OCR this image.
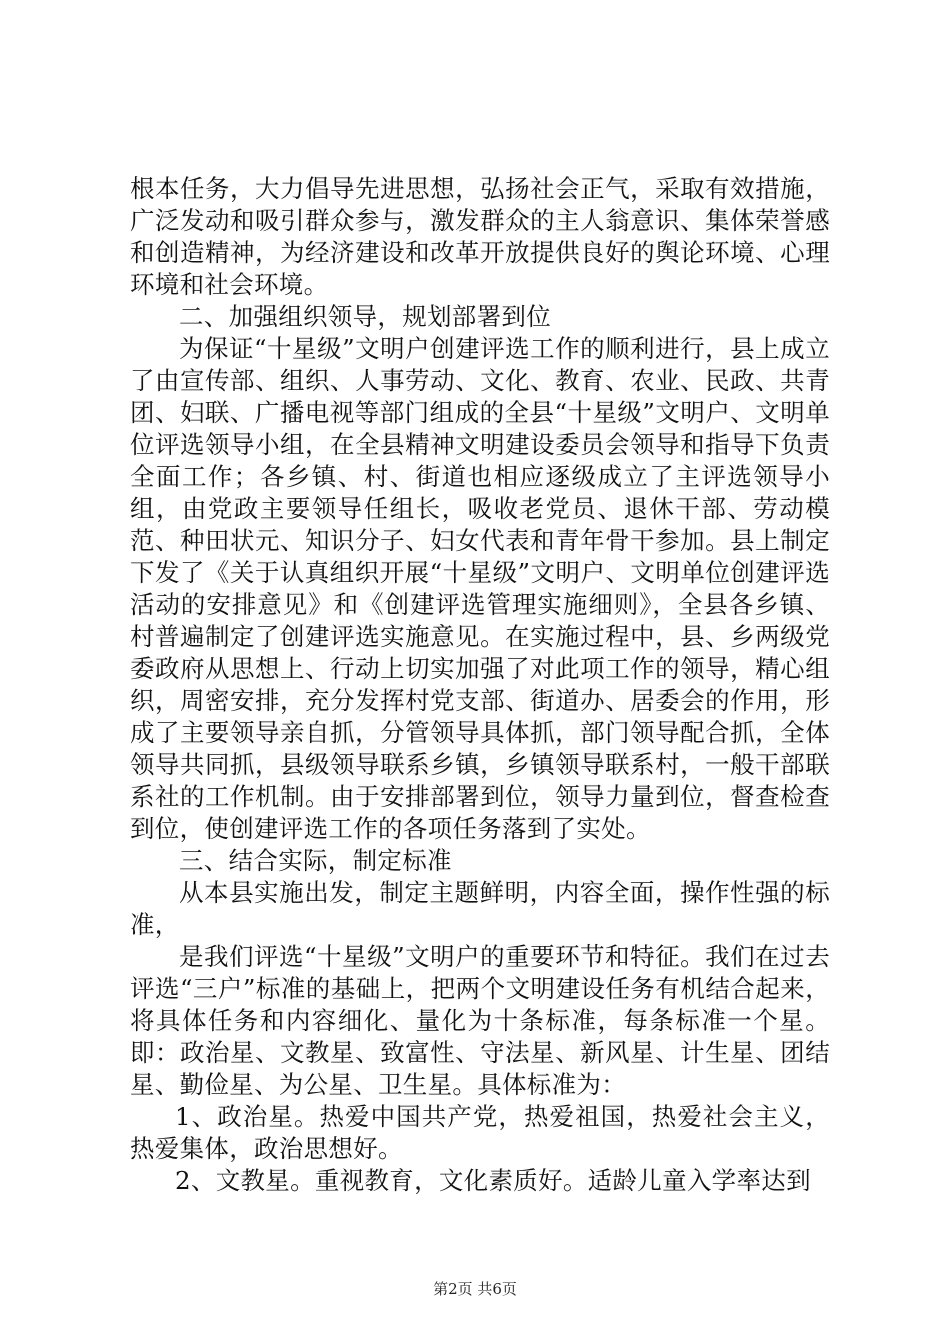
根本任务，大力倡导先进思想，弘扬社会正气，采取有效措施，广泛发动和吸引群众参与，激发群众的主人翁意识、集体荣誉感和创造精神，为经济建设和改革开放提供良好的舆论环境、心理环境和社会环境。

二、加强组织领导，规划部署到位

为保证“十星级”文明户创建评选工作的顺利进行，县上成立了由宣传部、组织、人事劳动、文化、教育、农业、民政、共青团、妇联、广播电视等部门组成的全县“十星级”文明户、文明单位评选领导小组，在全县精神文明建设委员会领导和指导下负责全面工作；各乡镇、村、街道也相应逐级成立了主评选领导小组，由党政主要领导任组长，吸收老党员、退休干部、劳动模范、种田状元、知识分子、妇女代表和青年骨干参加。县上制定下发了《关于认真组织开展“十星级”文明户、文明单位创建评选活动的安排意见》和《创建评选管理实施细则》，全县各乡镇、村普遍制定了创建评选实施意见。在实施过程中，县、乡两级党委政府从思想上、行动上切实加强了对此项工作的领导，精心组织，周密安排，充分发挥村党支部、街道办、居委会的作用，形成了主要领导亲自抓，分管领导具体抓，部门领导配合抓，全体领导共同抓，县级领导联系乡镇，乡镇领导联系村，一般干部联系社的工作机制。由于安排部署到位，领导力量到位，督查检查到位，使创建评选工作的各项任务落到了实处。

三、结合实际，制定标准

从本县实施出发，制定主题鲜明，内容全面，操作性强的标准，

是我们评选“十星级”文明户的重要环节和特征。我们在过去评选“三户”标准的基础上，把两个文明建设任务有机结合起来，将具体任务和内容细化、量化为十条标准，每条标准一个星。即：政治星、文教星、致富性、守法星、新风星、计生星、团结星、勤俭星、为公星、卫生星。具体标准为：

1、政治星。热爱中国共产党，热爱祖国，热爱社会主义，热爱集体，政治思想好。

2、文教星。重视教育，文化素质好。适龄儿童入学率达到

第2页 共6页
